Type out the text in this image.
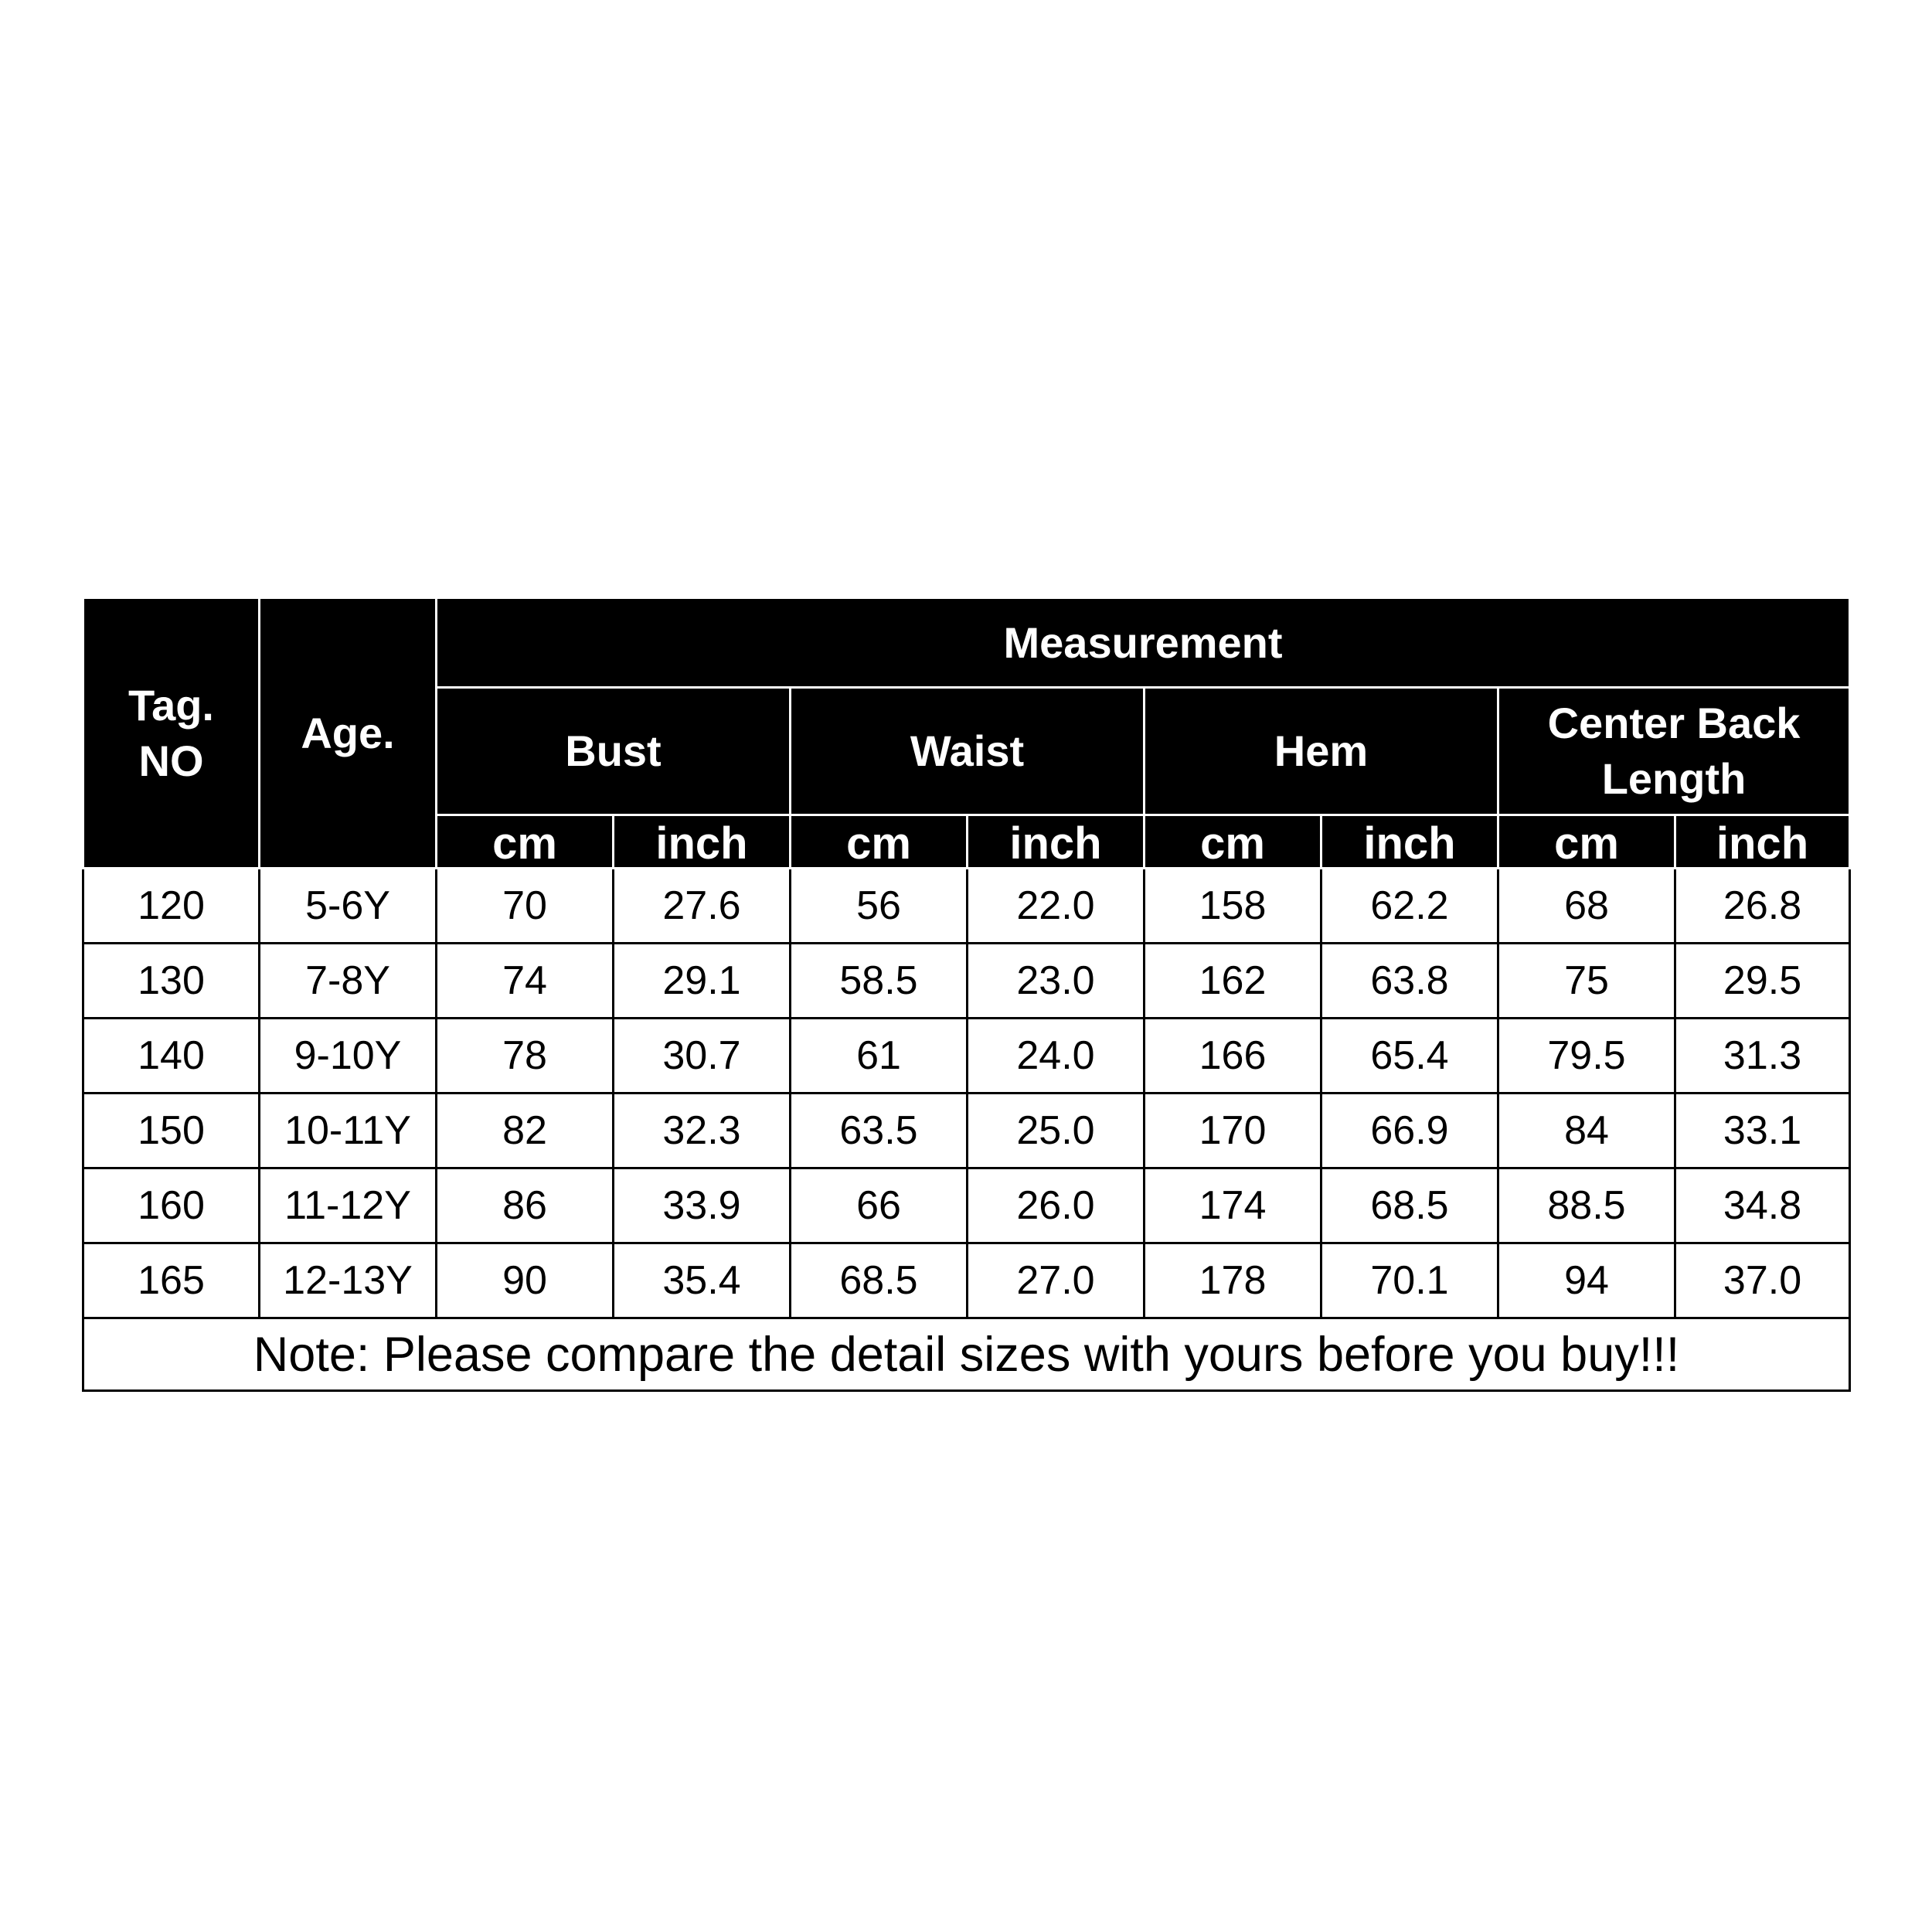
Tag.
NO	Age.	Measurement							
		Bust		Waist		Hem		Center Back
Length	
		cm	inch	cm	inch	cm	inch	cm	inch
120	5-6Y	70	27.6	56	22.0	158	62.2	68	26.8
130	7-8Y	74	29.1	58.5	23.0	162	63.8	75	29.5
140	9-10Y	78	30.7	61	24.0	166	65.4	79.5	31.3
150	10-11Y	82	32.3	63.5	25.0	170	66.9	84	33.1
160	11-12Y	86	33.9	66	26.0	174	68.5	88.5	34.8
165	12-13Y	90	35.4	68.5	27.0	178	70.1	94	37.0
Note: Please compare the detail sizes with yours before you buy!!!									
